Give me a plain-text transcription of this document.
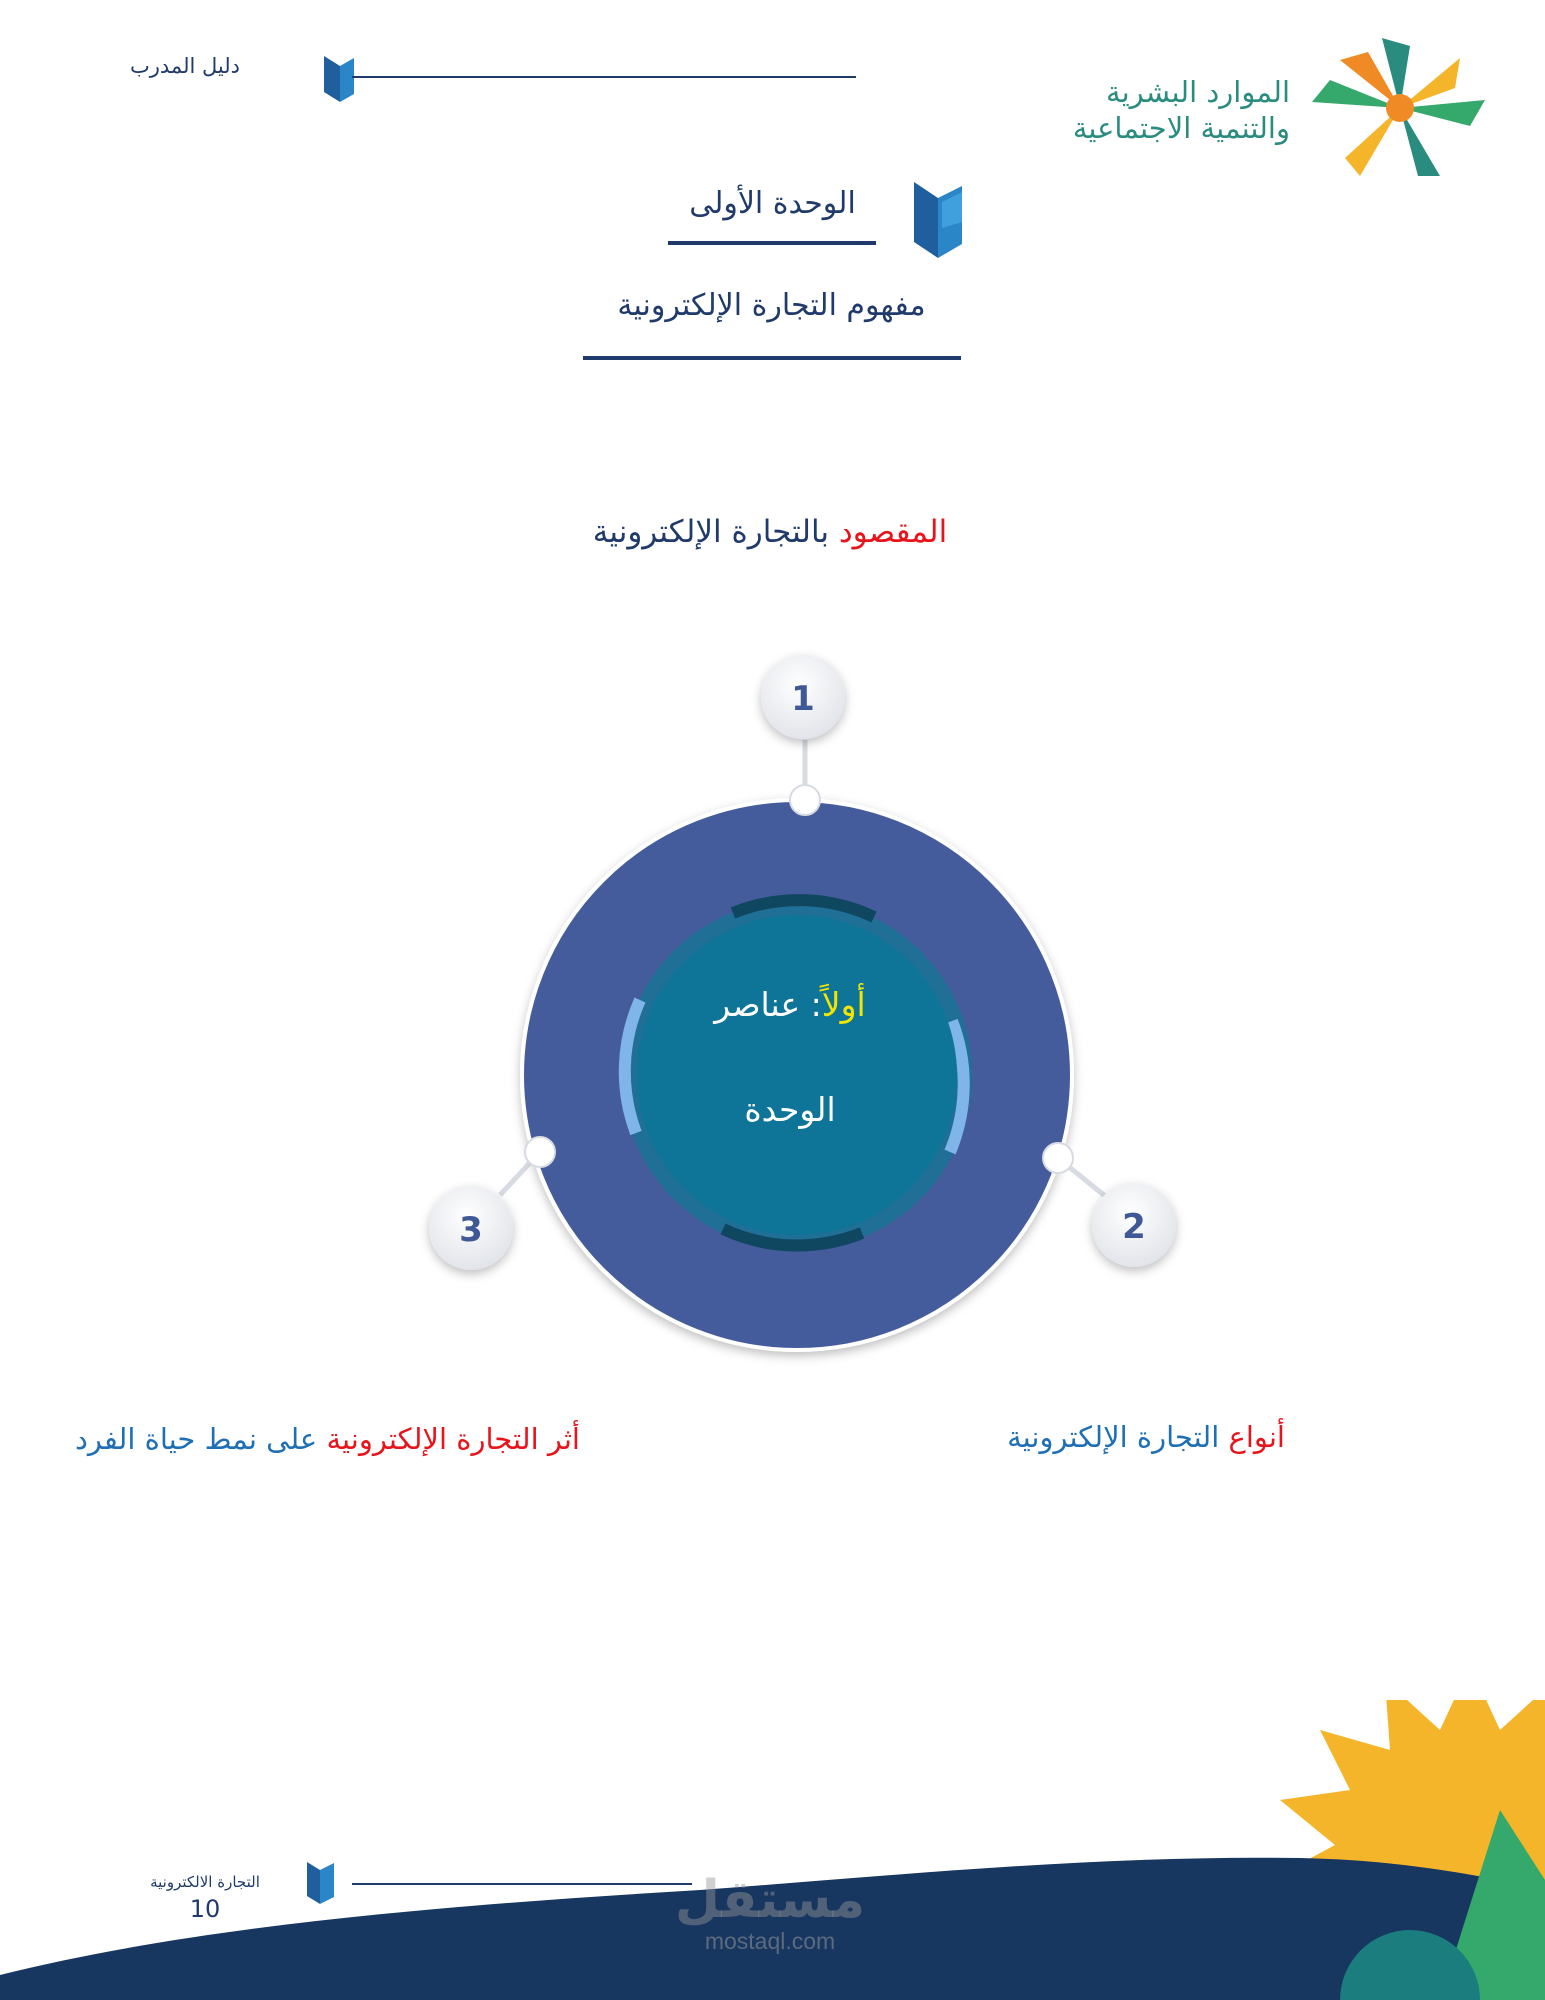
دليل المدرب
الموارد البشرية
والتنمية الاجتماعية
الوحدة الأولى
مفهوم التجارة الإلكترونية
المقصود بالتجارة الإلكترونية
1
2
3
أولاً: عناصر
الوحدة
أنواع التجارة الإلكترونية
أثر التجارة الإلكترونية على نمط حياة الفرد
التجارة الالكترونية
10	مستقل
mostaql.com
